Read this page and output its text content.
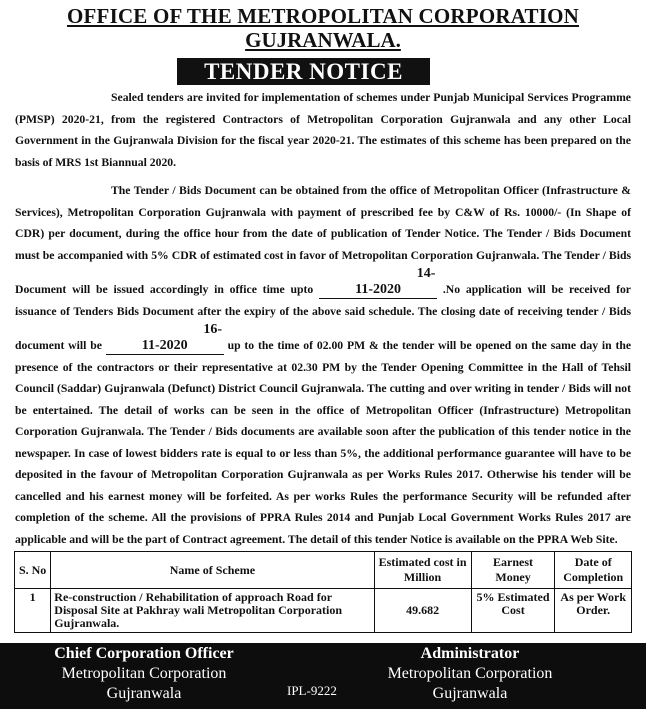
OFFICE OF THE METROPOLITAN CORPORATION
GUJRANWALA.
TENDER NOTICE

Sealed tenders are invited for implementation of schemes under Punjab Municipal Services Programme (PMSP) 2020-21, from the registered Contractors of Metropolitan Corporation Gujranwala and any other Local Government in the Gujranwala Division for the fiscal year 2020-21. The estimates of this scheme has been prepared on the basis of MRS 1st Biannual 2020.

The Tender / Bids Document can be obtained from the office of Metropolitan Officer (Infrastructure & Services), Metropolitan Corporation Gujranwala with payment of prescribed fee by C&W of Rs. 10000/- (In Shape of CDR) per document, during the office hour from the date of publication of Tender Notice. The Tender / Bids Document must be accompanied with 5% CDR of estimated cost in favor of Metropolitan Corporation Gujranwala. The Tender / Bids Document will be issued accordingly in office time upto 14-11-2020	.No application will be received for issuance of Tenders Bids Document after the expiry of the above said schedule. The closing date of receiving tender / Bids document will be 16-11-2020	up to the time of 02.00 PM & the tender will be opened on the same day in the presence of the contractors or their representative at 02.30 PM by the Tender Opening Committee in the Hall of Tehsil Council (Saddar) Gujranwala (Defunct) District Council Gujranwala. The cutting and over writing in tender / Bids will not be entertained. The detail of works can be seen in the office of Metropolitan Officer (Infrastructure) Metropolitan Corporation Gujranwala. The Tender / Bids documents are available soon after the publication of this tender notice in the newspaper. In case of lowest bidders rate is equal to or less than 5%, the additional performance guarantee will have to be deposited in the favour of Metropolitan Corporation Gujranwala as per Works Rules 2017. Otherwise his tender will be cancelled and his earnest money will be forfeited. As per works Rules the performance Security will be refunded after completion of the scheme. All the provisions of PPRA Rules 2014 and Punjab Local Government Works Rules 2017 are applicable and will be the part of Contract agreement. The detail of this tender Notice is available on the PPRA Web Site.

S. No	Name of Scheme	Estimated cost in Million	Earnest Money	Date of Completion
1	Re-construction / Rehabilitation of approach Road for Disposal Site at Pakhray wali Metropolitan Corporation Gujranwala.	49.682	5% Estimated Cost	As per Work Order.
Chief Corporation Officer
Metropolitan Corporation
Gujranwala	IPL-9222
Administrator
Metropolitan Corporation
Gujranwala
